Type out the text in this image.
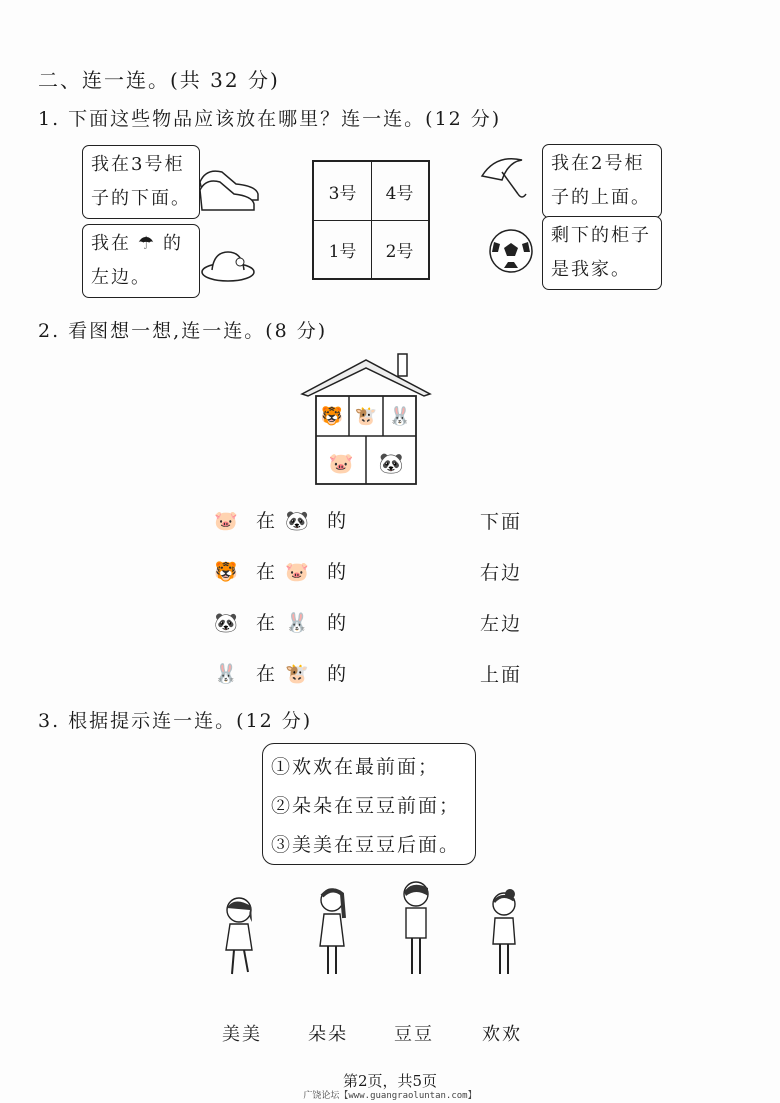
二、连一连。(共 32 分)
1. 下面这些物品应该放在哪里？连一连。(12 分)
我在3号柜
子的下面。
我在 ☂ 的
左边。
3号	4号
1号	2号
我在2号柜
子的上面。
剩下的柜子
是我家。
2. 看图想一想,连一连。(8 分)
🐯 🐮 🐰
🐷 🐼
🐷 在 🐼 的
🐯 在 🐷 的
🐼 在 🐰 的
🐰 在 🐮 的
下面
右边
左边
上面
3. 根据提示连一连。(12 分)
①欢欢在最前面；
②朵朵在豆豆前面；
③美美在豆豆后面。
美美	朵朵	豆豆	欢欢
第2页，共5页
广饶论坛【www.guangraoluntan.com】
